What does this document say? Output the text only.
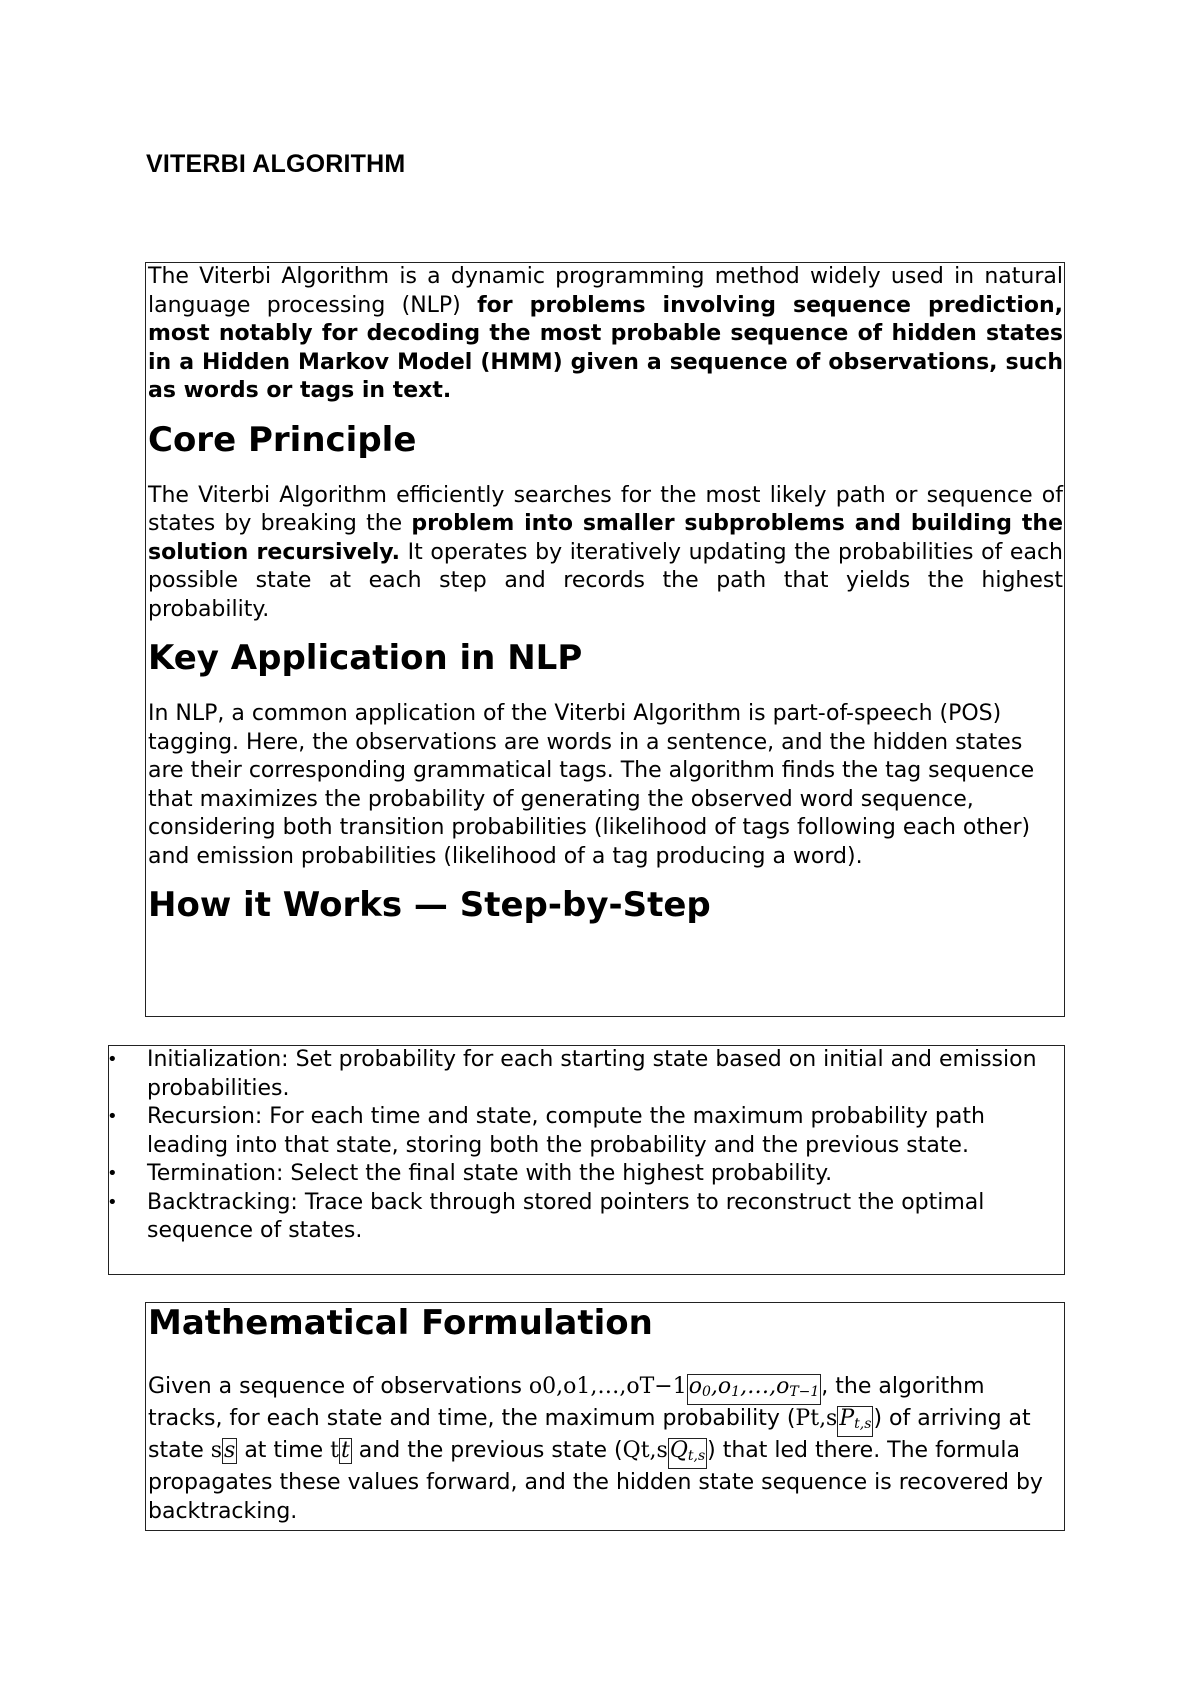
VITERBI ALGORITHM

The Viterbi Algorithm is a dynamic programming method widely used in natural language processing (NLP) for problems involving sequence prediction, most notably for decoding the most probable sequence of hidden states in a Hidden Markov Model (HMM) given a sequence of observations, such as words or tags in text.

Core Principle

The Viterbi Algorithm efficiently searches for the most likely path or sequence of states by breaking the problem into smaller subproblems and building the solution recursively. It operates by iteratively updating the probabilities of each possible state at each step and records the path that yields the highest probability.

Key Application in NLP

In NLP, a common application of the Viterbi Algorithm is part-of-speech (POS) tagging. Here, the observations are words in a sentence, and the hidden states are their corresponding grammatical tags. The algorithm finds the tag sequence that maximizes the probability of generating the observed word sequence, considering both transition probabilities (likelihood of tags following each other) and emission probabilities (likelihood of a tag producing a word).

How it Works — Step-by-Step
• Initialization: Set probability for each starting state based on initial and emission probabilities.
• Recursion: For each time and state, compute the maximum probability path leading into that state, storing both the probability and the previous state.
• Termination: Select the final state with the highest probability.
• Backtracking: Trace back through stored pointers to reconstruct the optimal sequence of states.
Mathematical Formulation

Given a sequence of observations $o0,o1,\dots,oT-1o_0,o_1,\dots,o_{T-1}$, the algorithm tracks, for each state and time, the maximum probability $(Pt,sP_{t,s})$ of arriving at state ss at time tt and the previous state $(Qt,sQ_{t,s})$ that led there. The formula propagates these values forward, and the hidden state sequence is recovered by backtracking.
